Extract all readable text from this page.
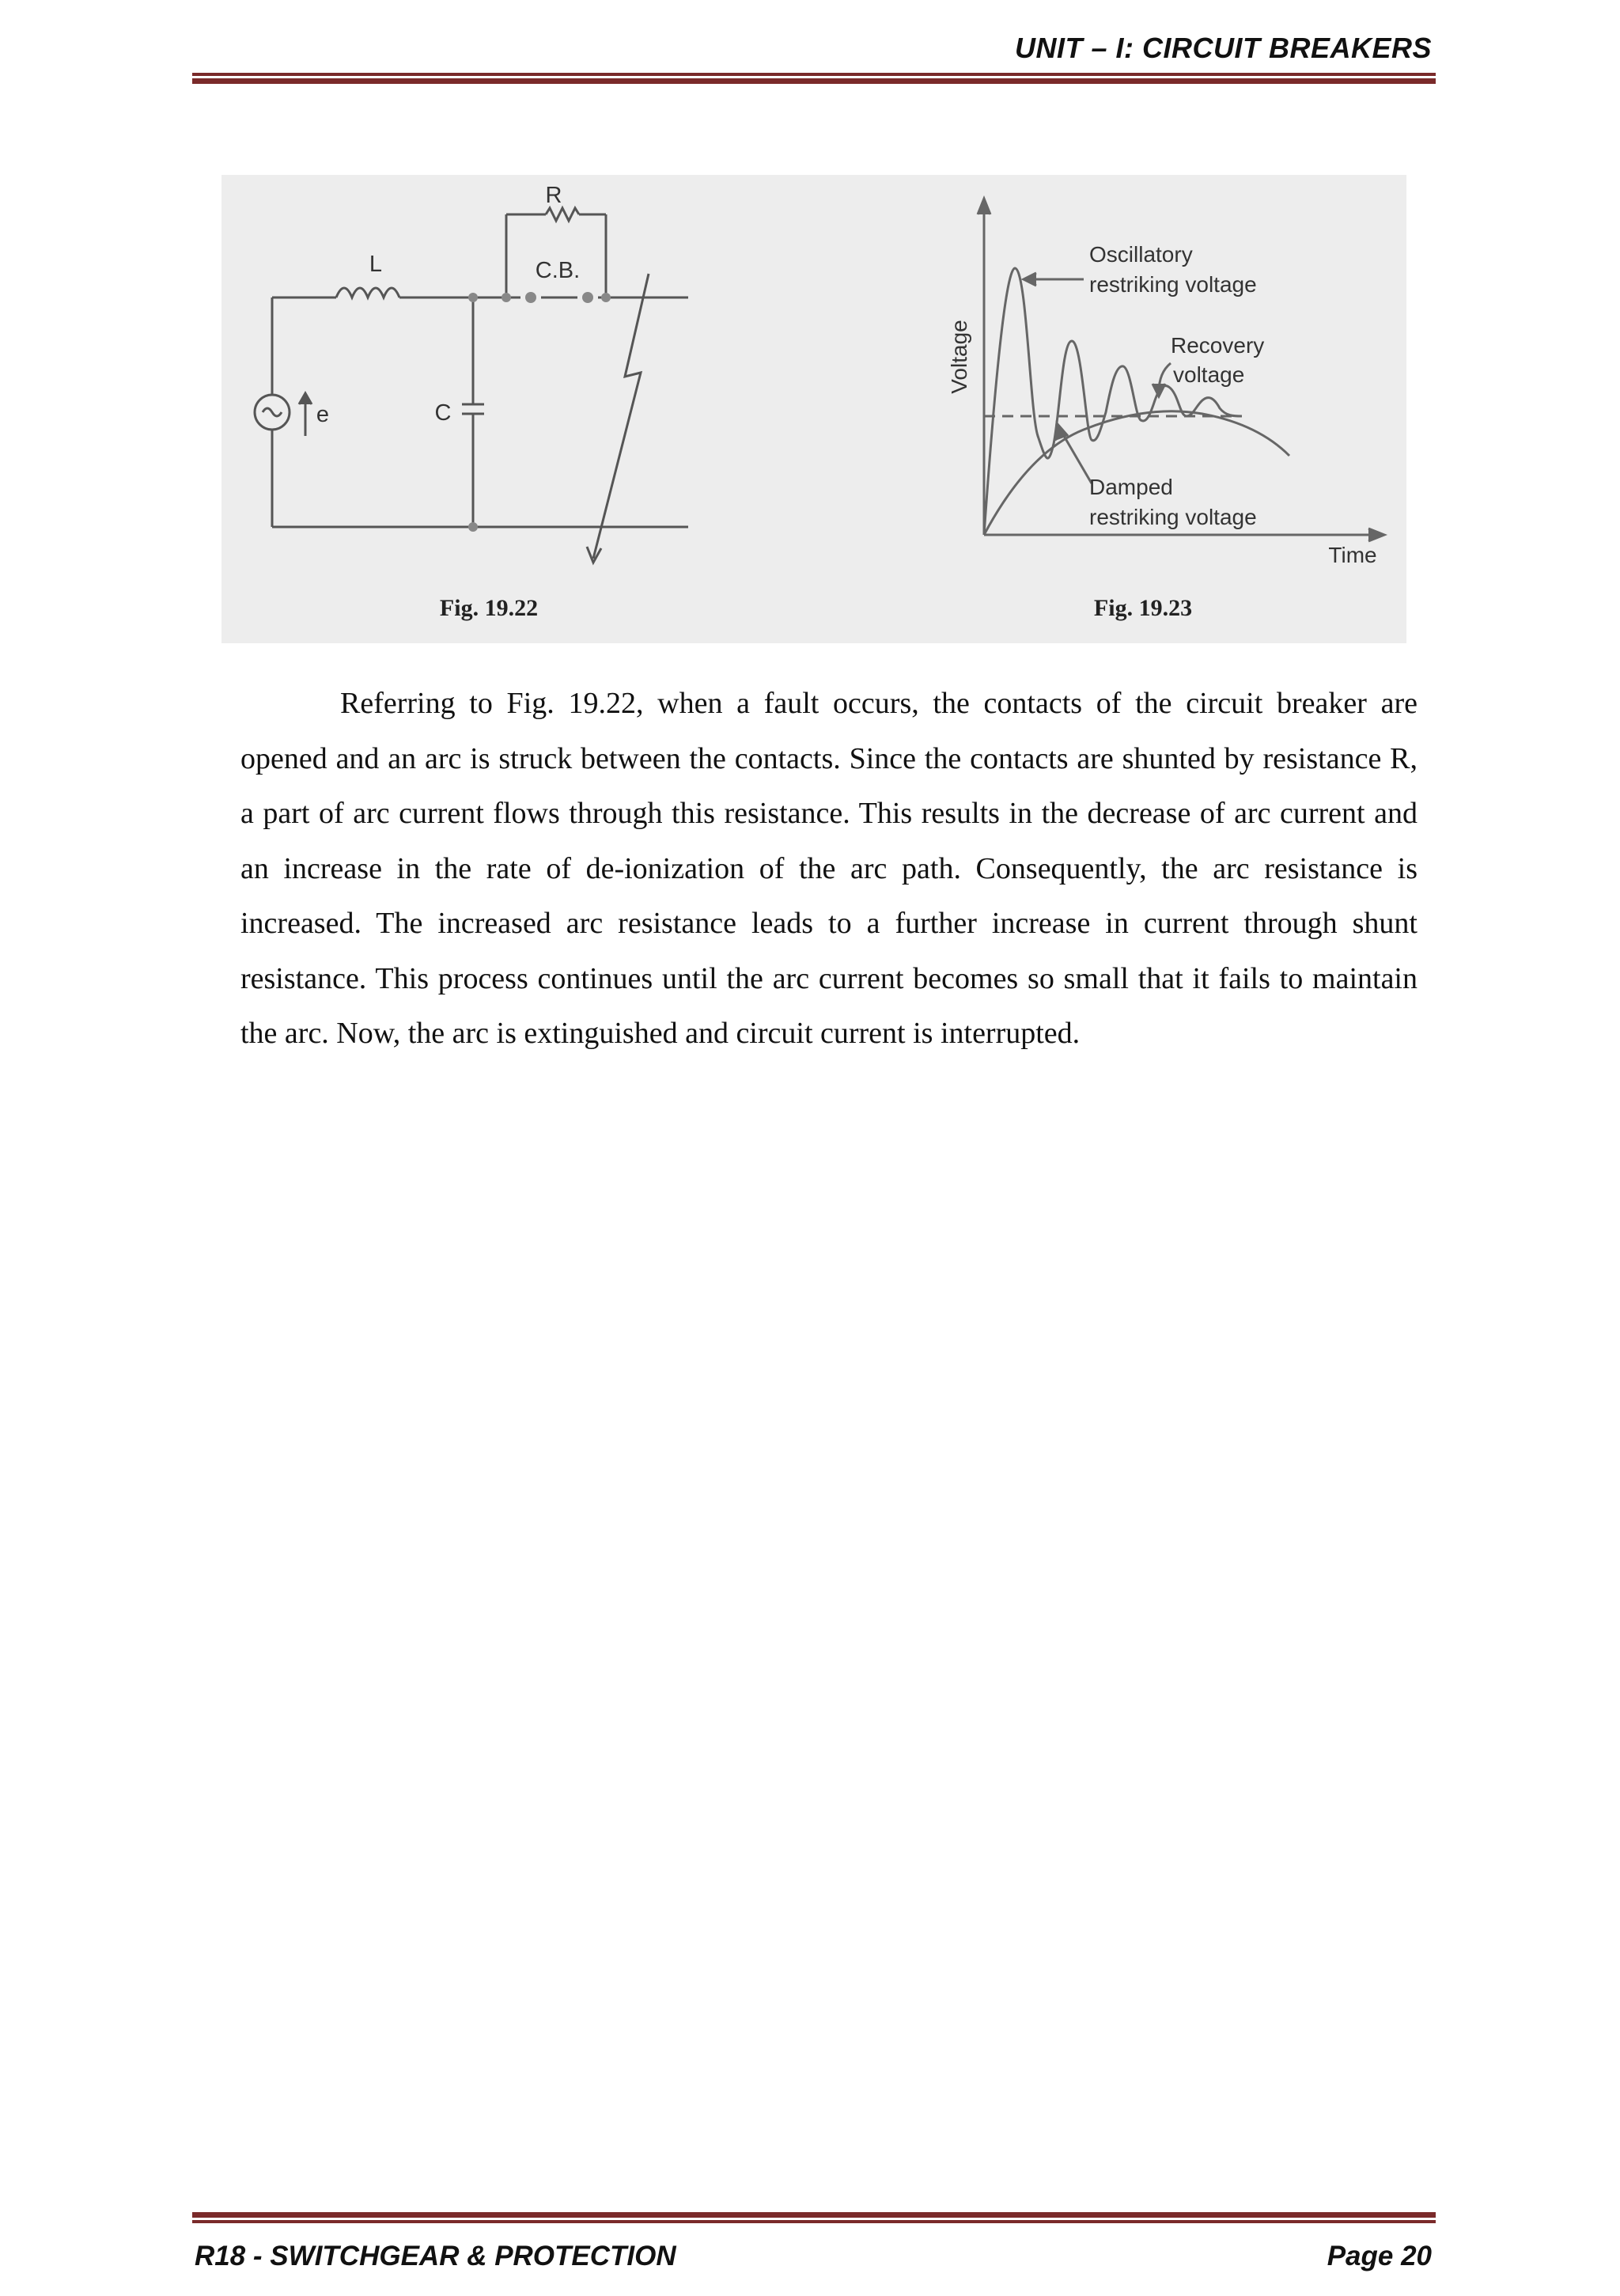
UNIT – I: CIRCUIT BREAKERS
R
L	C.B.
C
e
Fig. 19.22
Voltage
Time
Oscillatory
restriking voltage
Recovery
voltage
Damped
restriking voltage
Fig. 19.23

Referring to Fig. 19.22, when a fault occurs, the contacts of the circuit breaker are opened and an arc is struck between the contacts. Since the contacts are shunted by resistance R, a part of arc current flows through this resistance. This results in the decrease of arc current and an increase in the rate of de-ionization of the arc path. Consequently, the arc resistance is increased. The increased arc resistance leads to a further increase in current through shunt resistance. This process continues until the arc current becomes so small that it fails to maintain the arc. Now, the arc is extinguished and circuit current is interrupted.

R18 - SWITCHGEAR & PROTECTION	Page 20
